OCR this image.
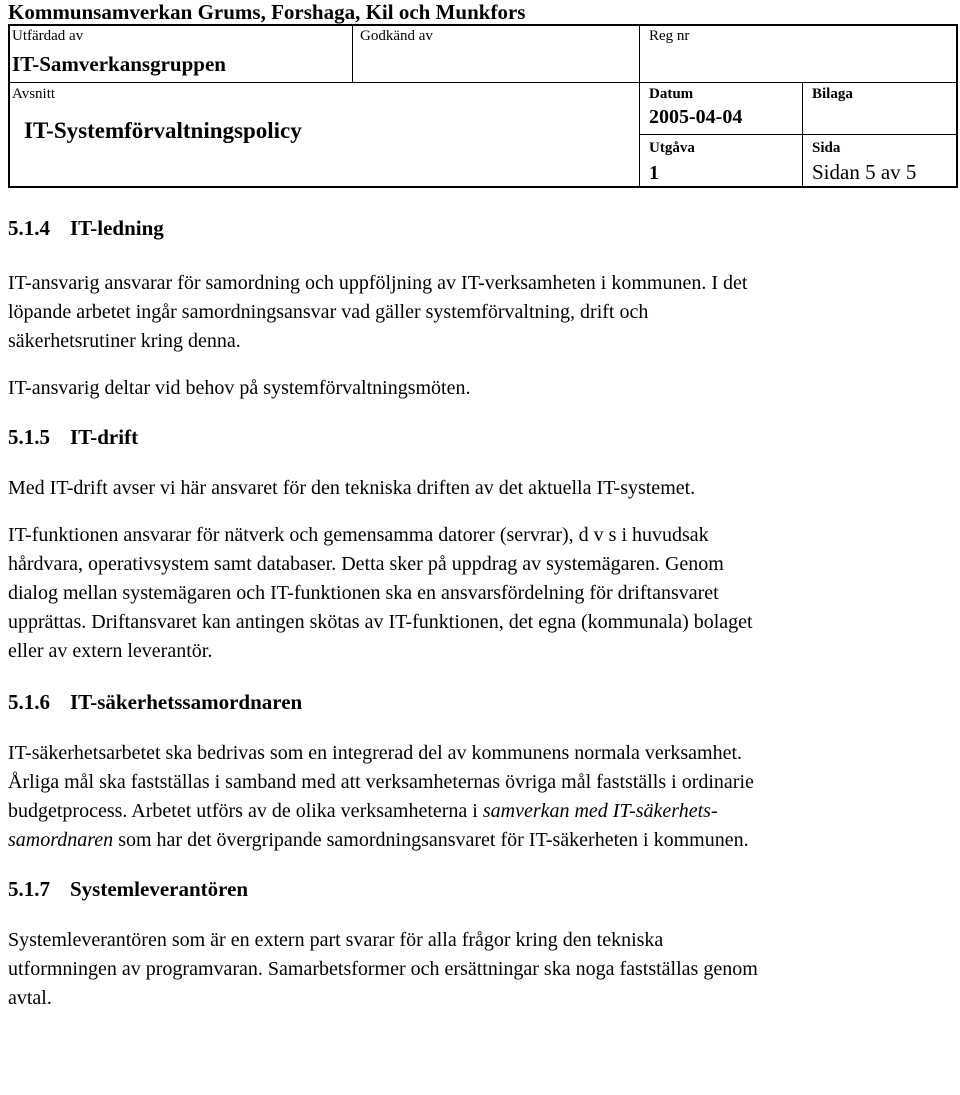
Kommunsamverkan Grums, Forshaga, Kil och Munkfors
Utfärdad av
IT-Samverkansgruppen
Godkänd av	Reg nr
Avsnitt
IT-Systemförvaltningspolicy
Datum
2005-04-04
Bilaga
Utgåva
1
Sida
Sidan 5 av 5
5.1.4 IT-ledning

IT-ansvarig ansvarar för samordning och uppföljning av IT-verksamheten i kommunen. I det
löpande arbetet ingår samordningsansvar vad gäller systemförvaltning, drift och
säkerhetsrutiner kring denna.

IT-ansvarig deltar vid behov på systemförvaltningsmöten.

5.1.5 IT-drift

Med IT-drift avser vi här ansvaret för den tekniska driften av det aktuella IT-systemet.

IT-funktionen ansvarar för nätverk och gemensamma datorer (servrar), d v s i huvudsak
hårdvara, operativsystem samt databaser. Detta sker på uppdrag av systemägaren. Genom
dialog mellan systemägaren och IT-funktionen ska en ansvarsfördelning för driftansvaret
upprättas. Driftansvaret kan antingen skötas av IT-funktionen, det egna (kommunala) bolaget
eller av extern leverantör.

5.1.6 IT-säkerhetssamordnaren

IT-säkerhetsarbetet ska bedrivas som en integrerad del av kommunens normala verksamhet.
Årliga mål ska fastställas i samband med att verksamheternas övriga mål fastställs i ordinarie
budgetprocess. Arbetet utförs av de olika verksamheterna i samverkan med IT-säkerhets-
samordnaren som har det övergripande samordningsansvaret för IT-säkerheten i kommunen.

5.1.7 Systemleverantören

Systemleverantören som är en extern part svarar för alla frågor kring den tekniska
utformningen av programvaran. Samarbetsformer och ersättningar ska noga fastställas genom
avtal.
